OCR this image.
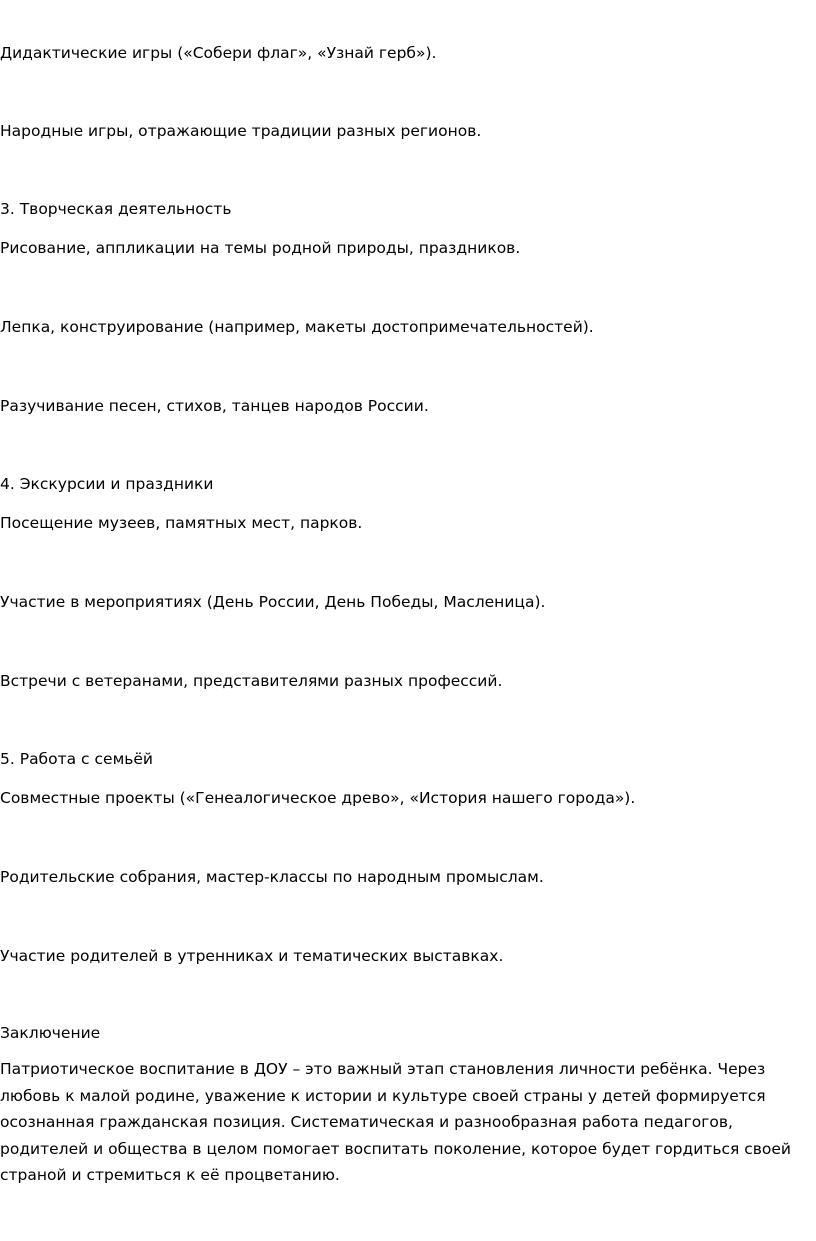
Дидактические игры («Собери флаг», «Узнай герб»).

Народные игры, отражающие традиции разных регионов.

3. Творческая деятельность

Рисование, аппликации на темы родной природы, праздников.

Лепка, конструирование (например, макеты достопримечательностей).

Разучивание песен, стихов, танцев народов России.

4. Экскурсии и праздники

Посещение музеев, памятных мест, парков.

Участие в мероприятиях (День России, День Победы, Масленица).

Встречи с ветеранами, представителями разных профессий.

5. Работа с семьёй

Совместные проекты («Генеалогическое древо», «История нашего города»).

Родительские собрания, мастер-классы по народным промыслам.

Участие родителей в утренниках и тематических выставках.

Заключение

Патриотическое воспитание в ДОУ – это важный этап становления личности ребёнка. Через любовь к малой родине, уважение к истории и культуре своей страны у детей формируется осознанная гражданская позиция. Систематическая и разнообразная работа педагогов, родителей и общества в целом помогает воспитать поколение, которое будет гордиться своей страной и стремиться к её процветанию.
